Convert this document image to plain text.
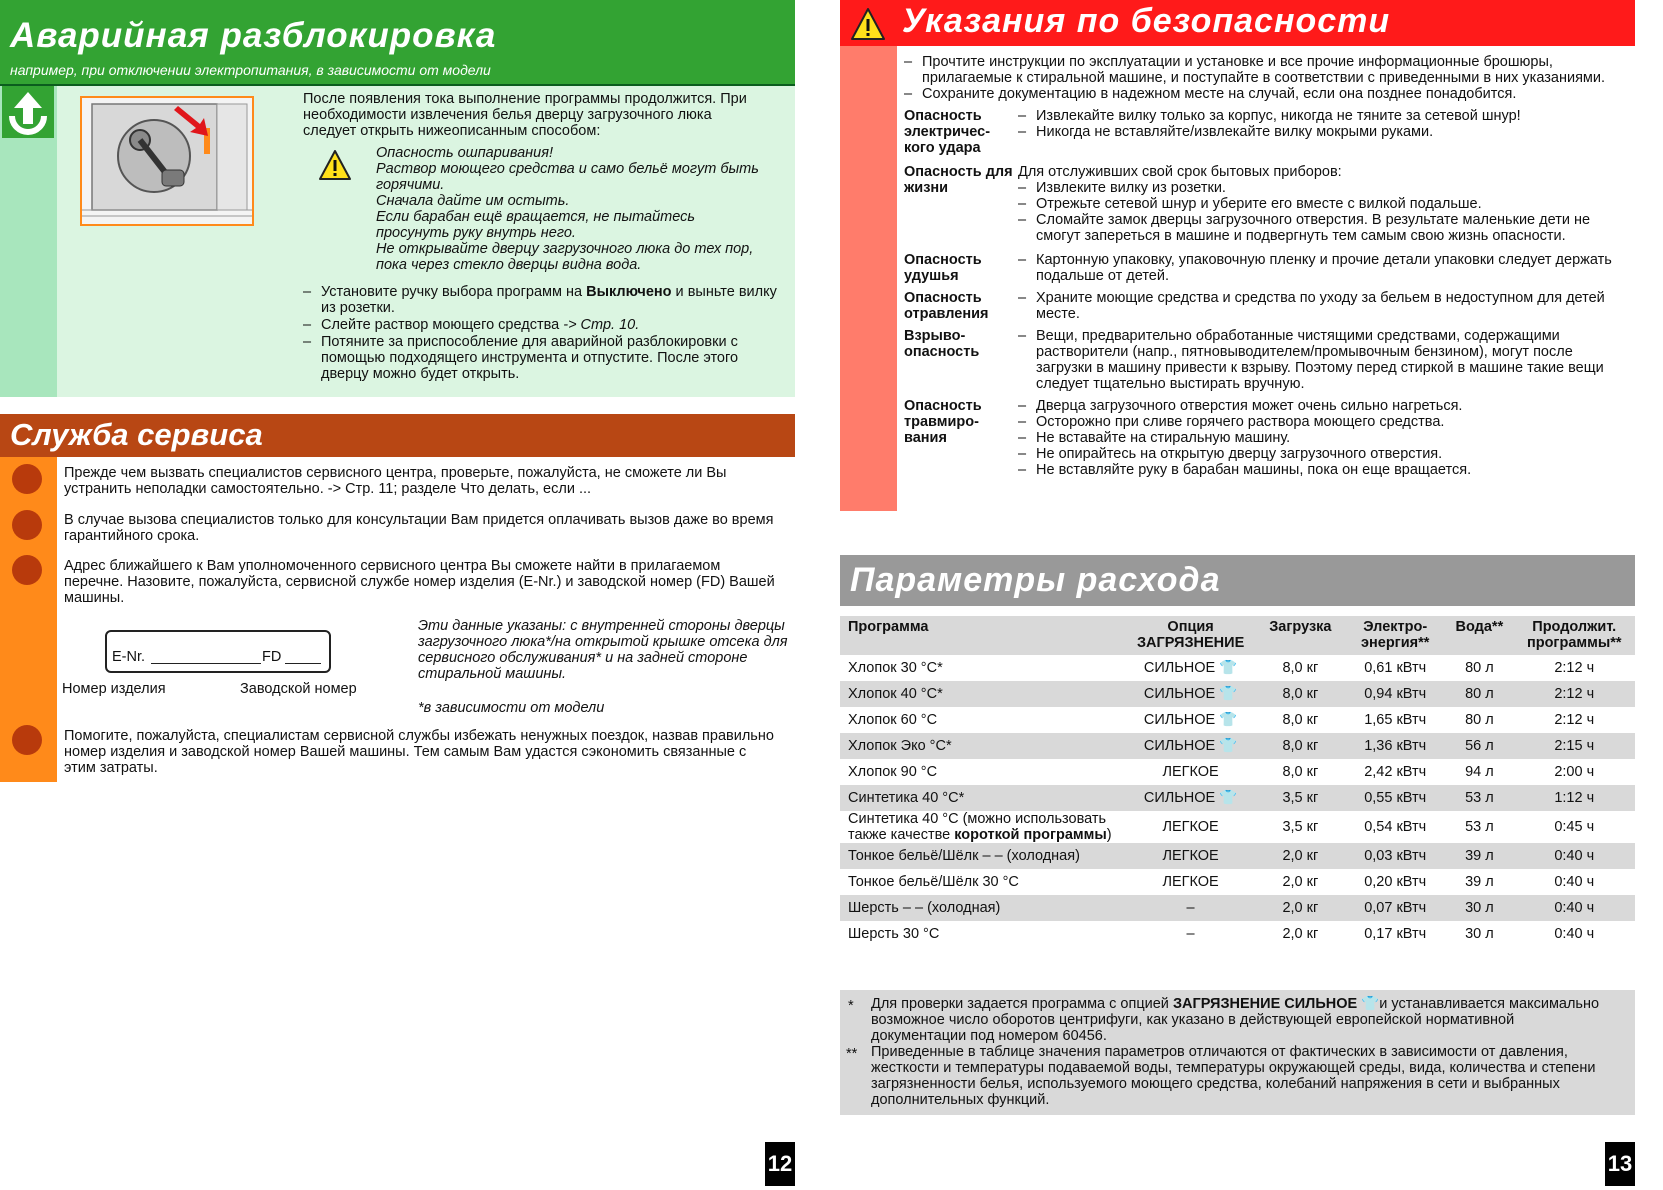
Аварийная разблокировка
например, при отключении электропитания, в зависимости от модели
После появления тока выполнение программы продолжится. При необходимости извлечения белья дверцу загрузочного люка следует открыть нижеописанным способом:

Опасность ошпаривания!

Раствор моющего средства и само бельё могут быть горячими.

Сначала дайте им остыть.

Если барабан ещё вращается, не пытайтесь просунуть руку внутрь него.

Не открывайте дверцу загрузочного люка до тех пор, пока через стекло дверцы видна вода.

– Установите ручку выбора программ на Выключено и выньте вилку из розетки.
– Слейте раствор моющего средства -> Стр. 10.
– Потяните за приспособление для аварийной разблокировки с помощью подходящего инструмента и отпустите. После этого дверцу можно будет открыть.
Служба сервиса

Прежде чем вызвать специалистов сервисного центра, проверьте, пожалуйста, не сможете ли Вы устранить неполадки самостоятельно. -> Стр. 11; разделе Что делать, если ...

В случае вызова специалистов только для консультации Вам придется оплачивать вызов даже во время гарантийного срока.

Адрес ближайшего к Вам уполномоченного сервисного центра Вы сможете найти в прилагаемом перечне. Назовите, пожалуйста, сервисной службе номер изделия (E-Nr.) и заводской номер (FD) Вашей машины.

E-Nr.	FD
Номер изделия	Заводской номер

Эти данные указаны: с внутренней стороны дверцы загрузочного люка*/на открытой крышке отсека для сервисного обслуживания* и на задней стороне стиральной машины.

*в зависимости от модели

Помогите, пожалуйста, специалистам сервисной службы избежать ненужных поездок, назвав правильно номер изделия и заводской номер Вашей машины. Тем самым Вам удастся сэкономить связанные с этим затраты.

12
Указания по безопасности
– Прочтите инструкции по эксплуатации и установке и все прочие информационные брошюры, прилагаемые к стиральной машине, и поступайте в соответствии с приведенными в них указаниями.
– Сохраните документацию в надежном месте на случай, если она позднее понадобится.
Опасность электричес-кого удара
– Извлекайте вилку только за корпус, никогда не тяните за сетевой шнур!
– Никогда не вставляйте/извлекайте вилку мокрыми руками.
Опасность для жизни

Для отслуживших свой срок бытовых приборов:

– Извлеките вилку из розетки.
– Отрежьте сетевой шнур и уберите его вместе с вилкой подальше.
– Сломайте замок дверцы загрузочного отверстия. В результате маленькие дети не смогут запереться в машине и подвергнуть тем самым свою жизнь опасности.
Опасность удушья
– Картонную упаковку, упаковочную пленку и прочие детали упаковки следует держать подальше от детей.
Опасность отравления
– Храните моющие средства и средства по уходу за бельем в недоступном для детей месте.
Взрыво-опасность
– Вещи, предварительно обработанные чистящими средствами, содержащими растворители (напр., пятновыводителем/промывочным бензином), могут после загрузки в машину привести к взрыву. Поэтому перед стиркой в машине такие вещи следует тщательно выстирать вручную.
Опасность травмиро-вания
– Дверца загрузочного отверстия может очень сильно нагреться.
– Осторожно при сливе горячего раствора моющего средства.
– Не вставайте на стиральную машину.
– Не опирайтесь на открытую дверцу загрузочного отверстия.
– Не вставляйте руку в барабан машины, пока он еще вращается.
Параметры расхода
Программа	Опция ЗАГРЯЗНЕНИЕ	Загрузка	Электро-энергия**	Вода**	Продолжит. программы**
Хлопок 30 °C*	СИЛЬНОЕ 👕	8,0 кг	0,61 кВтч	80 л	2:12 ч
Хлопок 40 °C*	СИЛЬНОЕ 👕	8,0 кг	0,94 кВтч	80 л	2:12 ч
Хлопок 60 °C	СИЛЬНОЕ 👕	8,0 кг	1,65 кВтч	80 л	2:12 ч
Хлопок Эко °C*	СИЛЬНОЕ 👕	8,0 кг	1,36 кВтч	56 л	2:15 ч
Хлопок 90 °C	ЛЕГКОЕ	8,0 кг	2,42 кВтч	94 л	2:00 ч
Синтетика 40 °C*	СИЛЬНОЕ 👕	3,5 кг	0,55 кВтч	53 л	1:12 ч
Синтетика 40 °C (можно использовать также качестве короткой программы)	ЛЕГКОЕ	3,5 кг	0,54 кВтч	53 л	0:45 ч
Тонкое бельё/Шёлк – – (холодная)	ЛЕГКОЕ	2,0 кг	0,03 кВтч	39 л	0:40 ч
Тонкое бельё/Шёлк 30 °C	ЛЕГКОЕ	2,0 кг	0,20 кВтч	39 л	0:40 ч
Шерсть – – (холодная)	–	2,0 кг	0,07 кВтч	30 л	0:40 ч
Шерсть 30 °C	–	2,0 кг	0,17 кВтч	30 л	0:40 ч
* Для проверки задается программа с опцией ЗАГРЯЗНЕНИЕ СИЛЬНОЕ 👕 и устанавливается максимально возможное число оборотов центрифуги, как указано в действующей европейской нормативной документации под номером 60456.

** Приведенные в таблице значения параметров отличаются от фактических в зависимости от давления, жесткости и температуры подаваемой воды, температуры окружающей среды, вида, количества и степени загрязненности белья, используемого моющего средства, колебаний напряжения в сети и выбранных дополнительных функций.

13
